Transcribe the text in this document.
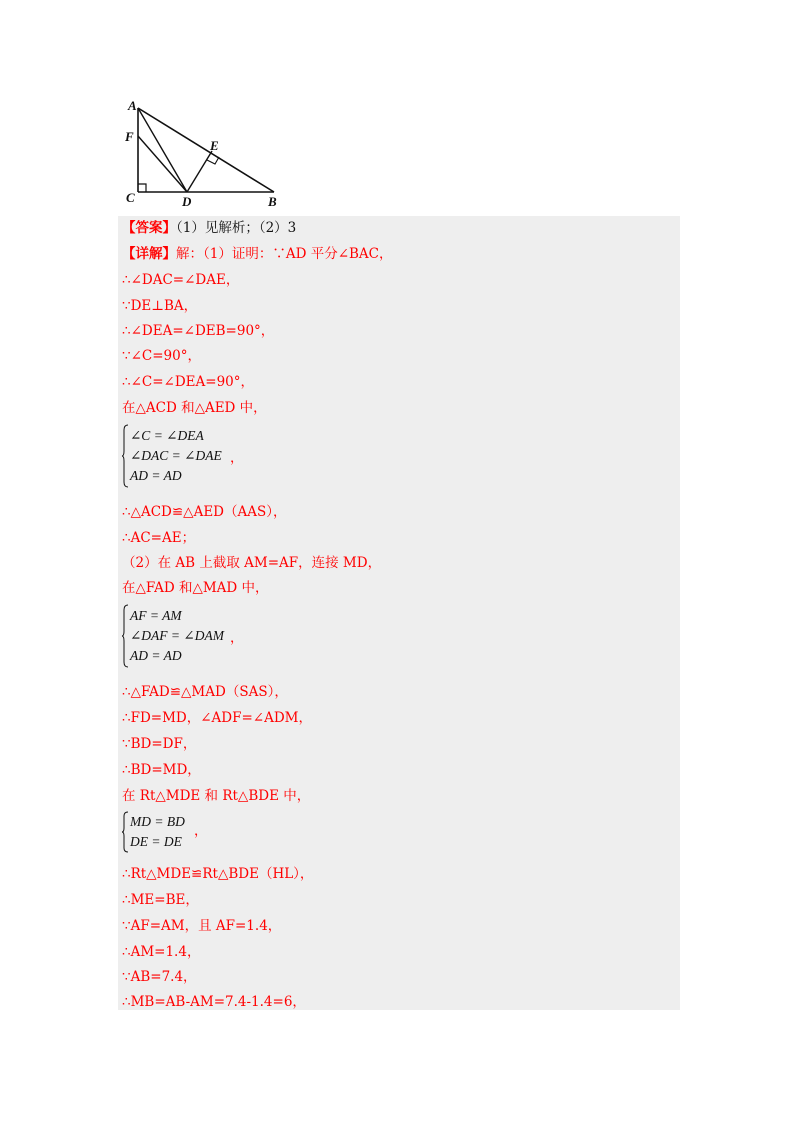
A
F
E
C	D	B
【答案】（1）见解析；（2）3
【详解】解：（1）证明：∵AD 平分∠BAC，
∴∠DAC=∠DAE，
∵DE⊥BA，
∴∠DEA=∠DEB=90°，
∵∠C=90°，
∴∠C=∠DEA=90°，
在△ACD 和△AED 中，
∠C = ∠DEA
∠DAC = ∠DAE
AD = AD
，
∴△ACD≌△AED（AAS），
∴AC=AE；
（2）在 AB 上截取 AM=AF，连接 MD，
在△FAD 和△MAD 中，
AF = AM
∠DAF = ∠DAM
AD = AD
，
∴△FAD≌△MAD（SAS），
∴FD=MD，∠ADF=∠ADM，
∵BD=DF，
∴BD=MD，
在 Rt△MDE 和 Rt△BDE 中，
MD = BD
DE = DE
，
∴Rt△MDE≌Rt△BDE（HL），
∴ME=BE，
∵AF=AM，且 AF=1.4，
∴AM=1.4，
∵AB=7.4，
∴MB=AB-AM=7.4-1.4=6，
